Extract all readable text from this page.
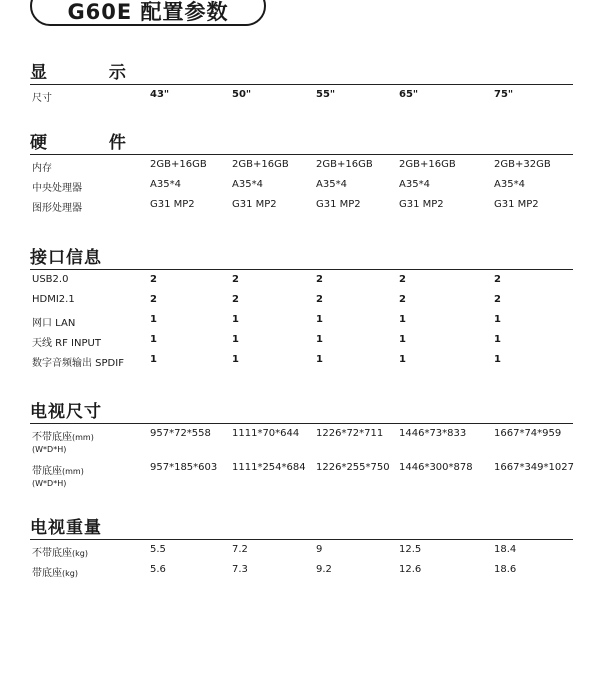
G60E 配置参数
显 示
尺寸	43"	50"	55"	65"	75"
硬 件
内存	2GB+16GB	2GB+16GB	2GB+16GB	2GB+16GB	2GB+32GB
中央处理器	A35*4	A35*4	A35*4	A35*4	A35*4
图形处理器	G31 MP2	G31 MP2	G31 MP2	G31 MP2	G31 MP2
接口信息
USB2.0	2	2	2	2	2
HDMI2.1	2	2	2	2	2
网口 LAN	1	1	1	1	1
天线 RF INPUT	1	1	1	1	1
数字音频输出 SPDIF	1	1	1	1	1
电视尺寸
不带底座(mm)
(W*D*H)
957*72*558 1111*70*644 1226*72*711 1446*73*833	1667*74*959
带底座(mm)
(W*D*H)
957*185*603 1111*254*684 1226*255*750 1446*300*878 1667*349*1027
电视重量
不带底座(kg)	5.5	7.2	9	12.5	18.4
带底座(kg)	5.6	7.3	9.2	12.6	18.6
